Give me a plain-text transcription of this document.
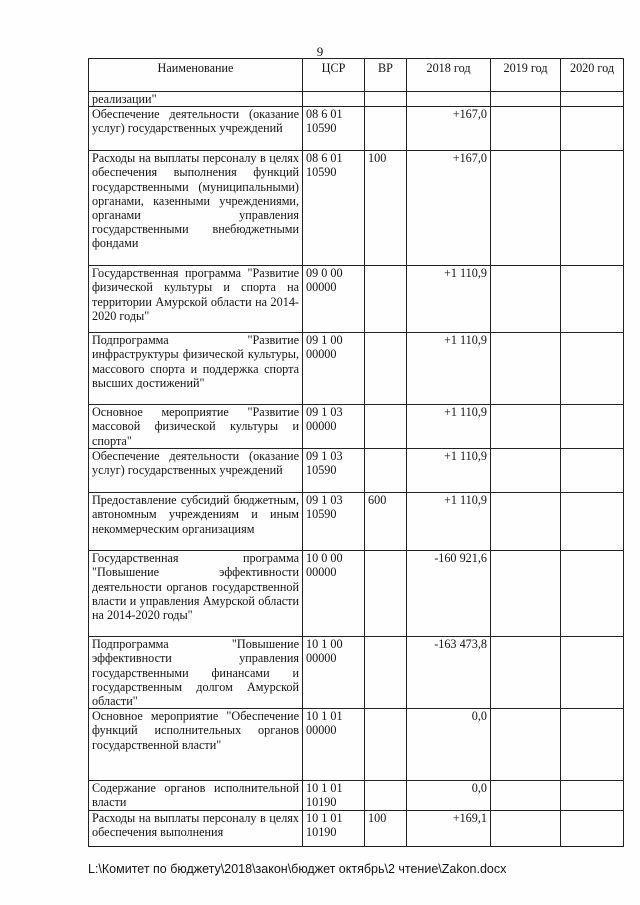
9
Наименование	ЦСР	ВР	2018 год	2019 год	2020 год
реализации"					
Обеспечение деятельности (оказание услуг) государственных учреждений	08 6 01 10590		+167,0		
Расходы на выплаты персоналу в целях обеспечения выполнения функций государственными (муниципальными) органами, казенными учреждениями, органами управления государственными внебюджетными фондами	08 6 01 10590	100	+167,0		
Государственная программа "Развитие физической культуры и спорта на территории Амурской области на 2014-2020 годы"	09 0 00 00000		+1 110,9		
Подпрограмма "Развитие инфраструктуры физической культуры, массового спорта и поддержка спорта высших достижений"	09 1 00 00000		+1 110,9		
Основное мероприятие "Развитие массовой физической культуры и спорта"	09 1 03 00000		+1 110,9		
Обеспечение деятельности (оказание услуг) государственных учреждений	09 1 03 10590		+1 110,9		
Предоставление субсидий бюджетным, автономным учреждениям и иным некоммерческим организациям	09 1 03 10590	600	+1 110,9		
Государственная программа "Повышение эффективности деятельности органов государственной власти и управления Амурской области на 2014-2020 годы"	10 0 00 00000		-160 921,6		
Подпрограмма "Повышение эффективности управления государственными финансами и государственным долгом Амурской области"	10 1 00 00000		-163 473,8		
Основное мероприятие "Обеспечение функций исполнительных органов государственной власти"	10 1 01 00000		0,0		
Содержание органов исполнительной власти	10 1 01 10190		0,0		
Расходы на выплаты персоналу в целях обеспечения выполнения	10 1 01 10190	100	+169,1		
L:\Комитет по бюджету\2018\закон\бюджет октябрь\2 чтение\Zakon.docx
